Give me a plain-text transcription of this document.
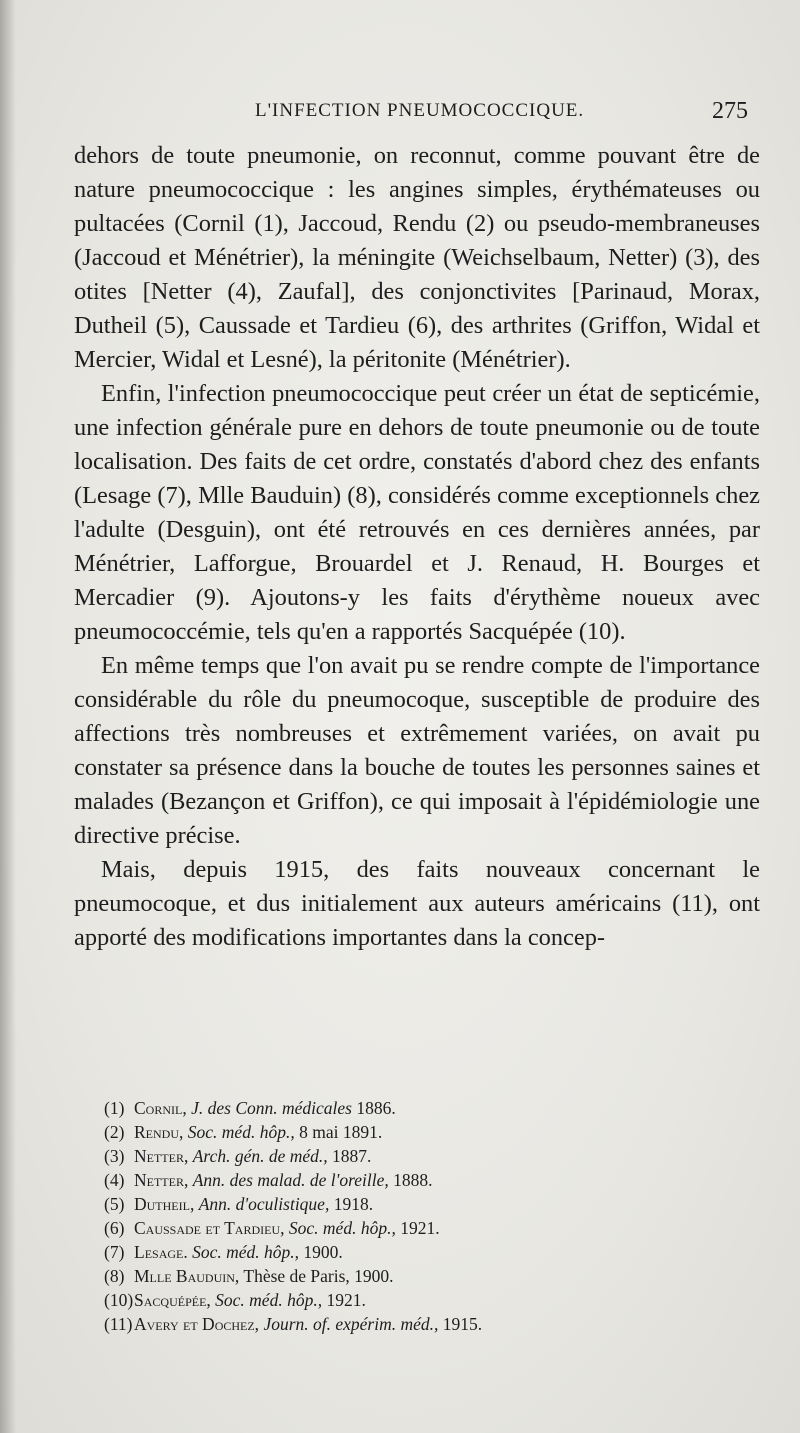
L'INFECTION PNEUMOCOCCIQUE.	275

dehors de toute pneumonie, on reconnut, comme pouvant être de nature pneumococcique : les angines simples, érythémateuses ou pultacées (Cornil (1), Jaccoud, Rendu (2) ou pseudo-membraneuses (Jaccoud et Ménétrier), la méningite (Weichselbaum, Netter) (3), des otites [Netter (4), Zaufal], des conjonctivites [Parinaud, Morax, Dutheil (5), Caussade et Tardieu (6), des arthrites (Griffon, Widal et Mercier, Widal et Lesné), la péritonite (Ménétrier).

Enfin, l'infection pneumococcique peut créer un état de septicémie, une infection générale pure en dehors de toute pneumonie ou de toute localisation. Des faits de cet ordre, constatés d'abord chez des enfants (Lesage (7), Mlle Bauduin) (8), considérés comme exceptionnels chez l'adulte (Desguin), ont été retrouvés en ces dernières années, par Ménétrier, Lafforgue, Brouardel et J. Renaud, H. Bourges et Mercadier (9). Ajoutons-y les faits d'érythème noueux avec pneumococcémie, tels qu'en a rapportés Sacquépée (10).

En même temps que l'on avait pu se rendre compte de l'importance considérable du rôle du pneumocoque, susceptible de produire des affections très nombreuses et extrêmement variées, on avait pu constater sa présence dans la bouche de toutes les personnes saines et malades (Bezançon et Griffon), ce qui imposait à l'épidémiologie une directive précise.

Mais, depuis 1915, des faits nouveaux concernant le pneumocoque, et dus initialement aux auteurs américains (11), ont apporté des modifications importantes dans la concep-

(1) Cornil, J. des Conn. médicales 1886.
(2) Rendu, Soc. méd. hôp., 8 mai 1891.
(3) Netter, Arch. gén. de méd., 1887.
(4) Netter, Ann. des malad. de l'oreille, 1888.
(5) Dutheil, Ann. d'oculistique, 1918.
(6) Caussade et Tardieu, Soc. méd. hôp., 1921.
(7) Lesage. Soc. méd. hôp., 1900.
(8) Mlle Bauduin, Thèse de Paris, 1900.
(10)Sacquépée, Soc. méd. hôp., 1921.
(11)Avery et Dochez, Journ. of. expérim. méd., 1915.
